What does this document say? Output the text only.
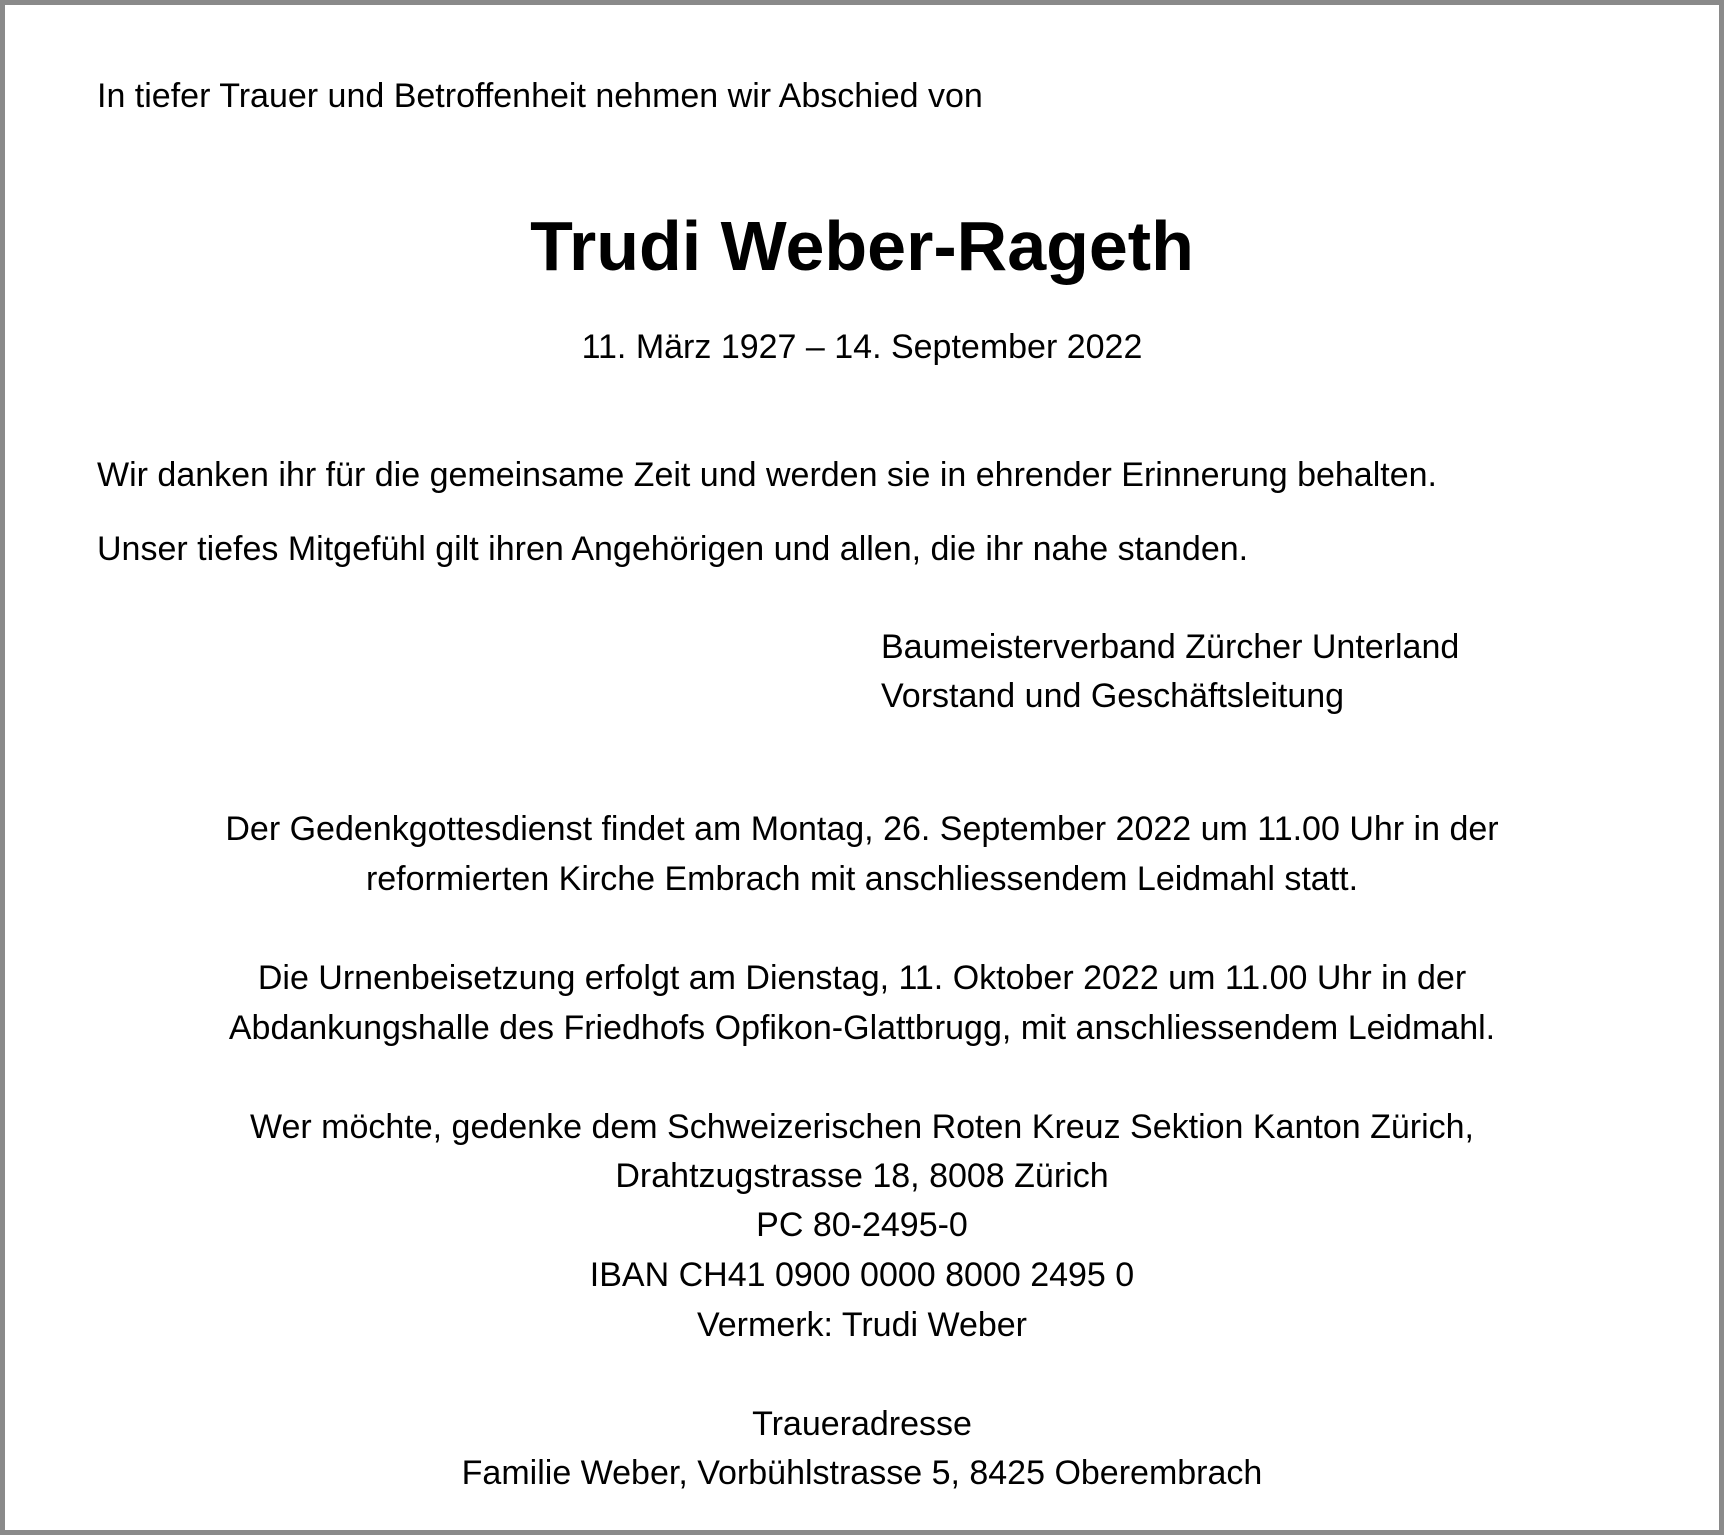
In tiefer Trauer und Betroffenheit nehmen wir Abschied von

Trudi Weber-Rageth

11. März 1927 – 14. September 2022

Wir danken ihr für die gemeinsame Zeit und werden sie in ehrender Erinnerung behalten.

Unser tiefes Mitgefühl gilt ihren Angehörigen und allen, die ihr nahe standen.

Baumeisterverband Zürcher Unterland

Vorstand und Geschäftsleitung

Der Gedenkgottesdienst findet am Montag, 26. September 2022 um 11.00 Uhr in der

reformierten Kirche Embrach mit anschliessendem Leidmahl statt.

Die Urnenbeisetzung erfolgt am Dienstag, 11. Oktober 2022 um 11.00 Uhr in der

Abdankungshalle des Friedhofs Opfikon-Glattbrugg, mit anschliessendem Leidmahl.

Wer möchte, gedenke dem Schweizerischen Roten Kreuz Sektion Kanton Zürich,

Drahtzugstrasse 18, 8008 Zürich

PC 80-2495-0

IBAN CH41 0900 0000 8000 2495 0

Vermerk: Trudi Weber

Traueradresse

Familie Weber, Vorbühlstrasse 5, 8425 Oberembrach
